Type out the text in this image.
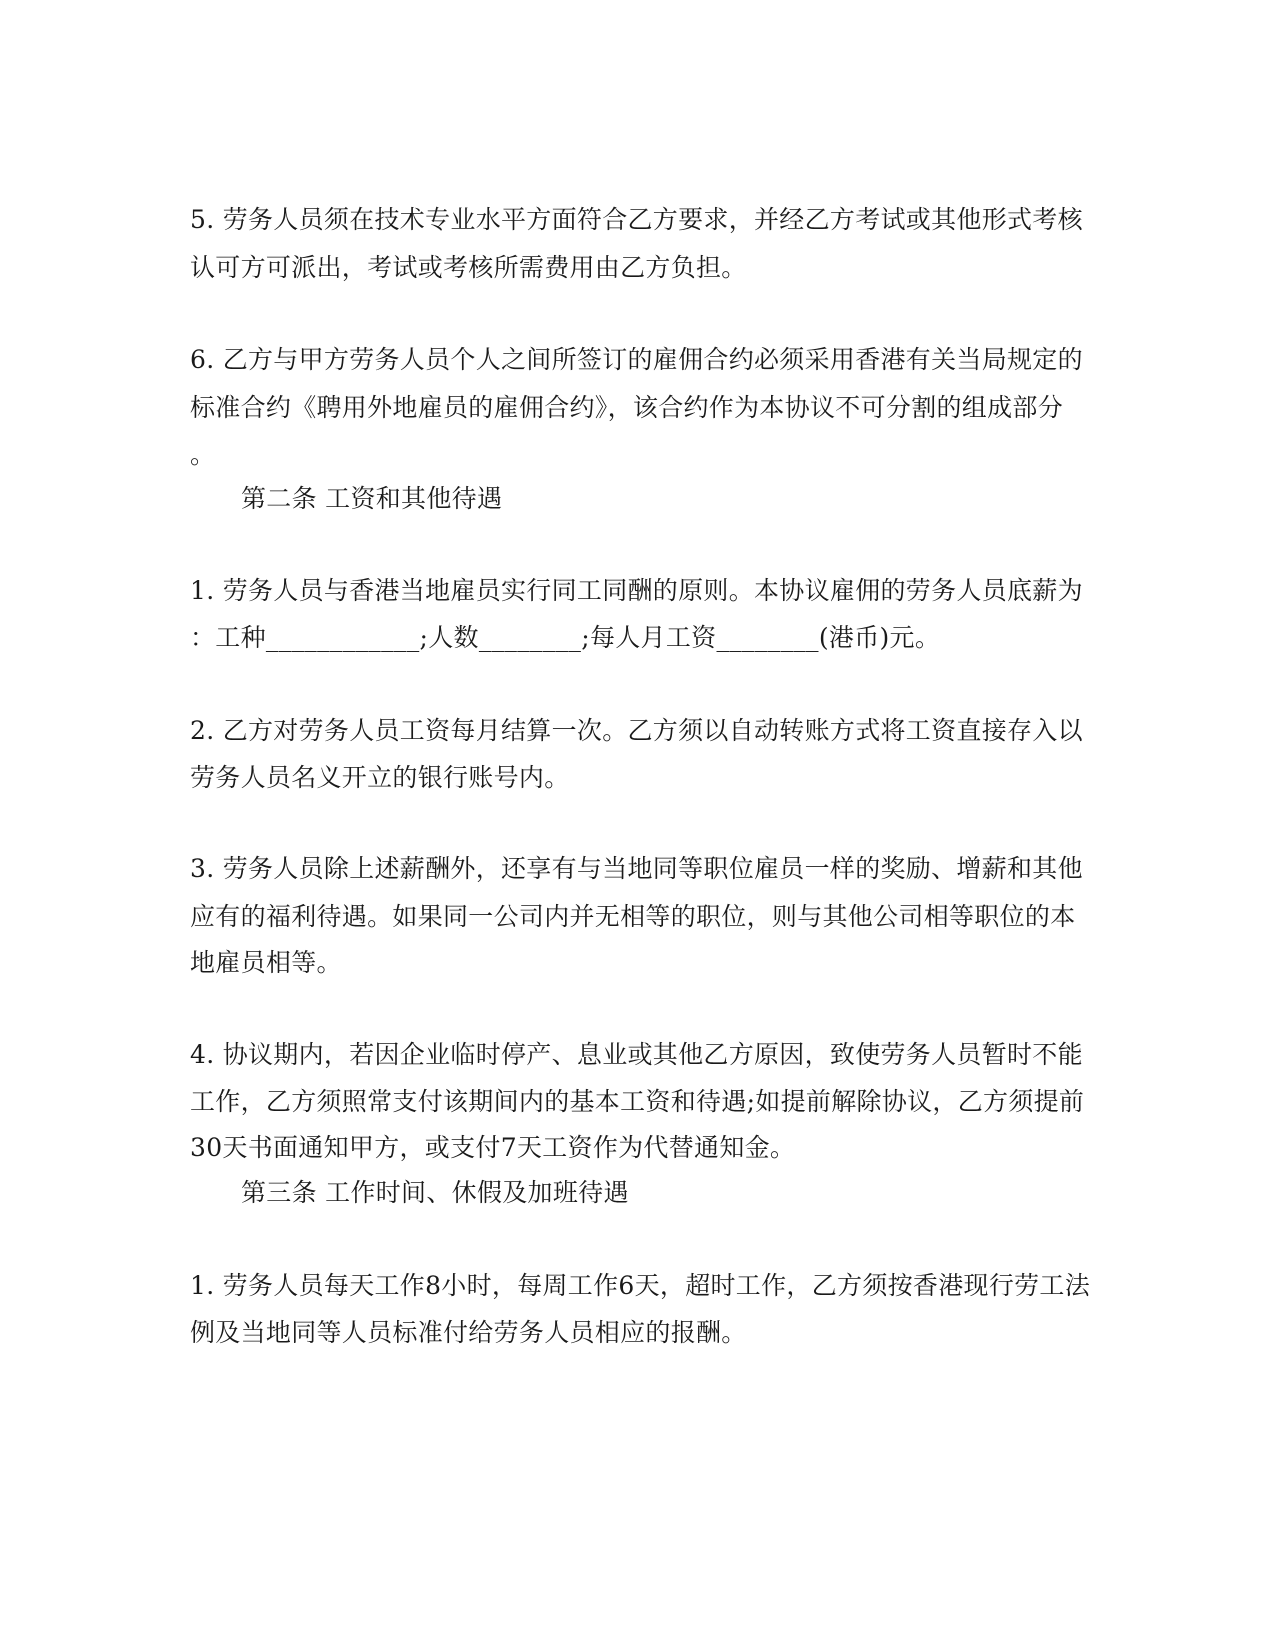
5. 劳务人员须在技术专业水平方面符合乙方要求，并经乙方考试或其他形式考核
认可方可派出，考试或考核所需费用由乙方负担。
6. 乙方与甲方劳务人员个人之间所签订的雇佣合约必须采用香港有关当局规定的
标准合约《聘用外地雇员的雇佣合约》，该合约作为本协议不可分割的组成部分
。
第二条 工资和其他待遇
1. 劳务人员与香港当地雇员实行同工同酬的原则。本协议雇佣的劳务人员底薪为
：工种____________;人数________;每人月工资________(港币)元。
2. 乙方对劳务人员工资每月结算一次。乙方须以自动转账方式将工资直接存入以
劳务人员名义开立的银行账号内。
3. 劳务人员除上述薪酬外，还享有与当地同等职位雇员一样的奖励、增薪和其他
应有的福利待遇。如果同一公司内并无相等的职位，则与其他公司相等职位的本
地雇员相等。
4. 协议期内，若因企业临时停产、息业或其他乙方原因，致使劳务人员暂时不能
工作，乙方须照常支付该期间内的基本工资和待遇;如提前解除协议，乙方须提前
30天书面通知甲方，或支付7天工资作为代替通知金。
第三条 工作时间、休假及加班待遇
1. 劳务人员每天工作8小时，每周工作6天，超时工作，乙方须按香港现行劳工法
例及当地同等人员标准付给劳务人员相应的报酬。
